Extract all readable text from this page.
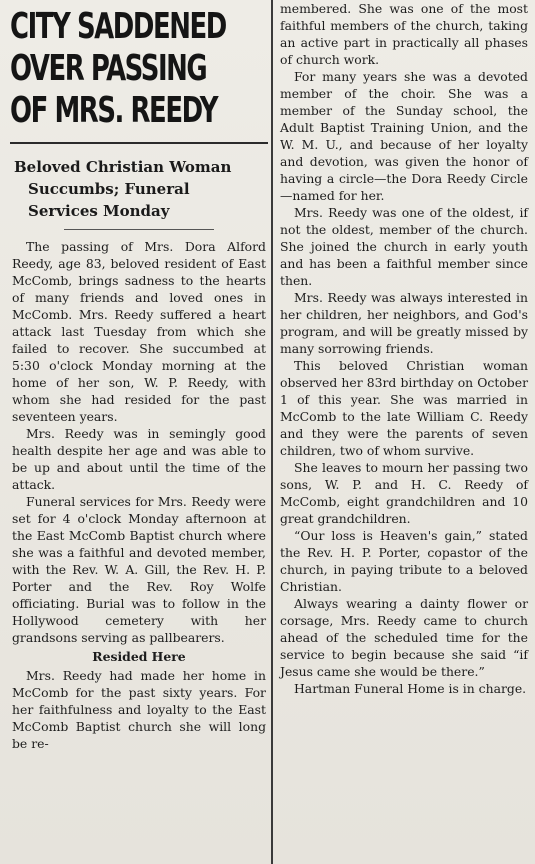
CITY SADDENED
OVER PASSING
OF MRS. REEDY
Beloved Christian Woman
Succumbs; Funeral
Services Monday

The passing of Mrs. Dora Alford Reedy, age 83, beloved resident of East McComb, brings sadness to the hearts of many friends and loved ones in McComb. Mrs. Reedy suffered a heart attack last Tuesday from which she failed to recover. She succumbed at 5:30 o'clock Monday morning at the home of her son, W. P. Reedy, with whom she had resided for the past seventeen years.

Mrs. Reedy was in semingly good health despite her age and was able to be up and about until the time of the attack.

Funeral services for Mrs. Reedy were set for 4 o'clock Monday afternoon at the East McComb Baptist church where she was a faithful and devoted member, with the Rev. W. A. Gill, the Rev. H. P. Porter and the Rev. Roy Wolfe officiating. Burial was to follow in the Hollywood cemetery with her grandsons serving as pallbearers.

Resided Here

Mrs. Reedy had made her home in McComb for the past sixty years. For her faithfulness and loyalty to the East McComb Baptist church she will long be re-

membered. She was one of the most faithful members of the church, taking an active part in practically all phases of church work.

For many years she was a devoted member of the choir. She was a member of the Sunday school, the Adult Baptist Training Union, and the W. M. U., and because of her loyalty and devotion, was given the honor of having a circle—the Dora Reedy Circle—named for her.

Mrs. Reedy was one of the oldest, if not the oldest, member of the church. She joined the church in early youth and has been a faithful member since then.

Mrs. Reedy was always interested in her children, her neighbors, and God's program, and will be greatly missed by many sorrowing friends.

This beloved Christian woman observed her 83rd birthday on October 1 of this year. She was married in McComb to the late William C. Reedy and they were the parents of seven children, two of whom survive.

She leaves to mourn her passing two sons, W. P. and H. C. Reedy of McComb, eight grandchildren and 10 great grandchildren.

“Our loss is Heaven's gain,” stated the Rev. H. P. Porter, copastor of the church, in paying tribute to a beloved Christian.

Always wearing a dainty flower or corsage, Mrs. Reedy came to church ahead of the scheduled time for the service to begin because she said “if Jesus came she would be there.”

Hartman Funeral Home is in charge.
